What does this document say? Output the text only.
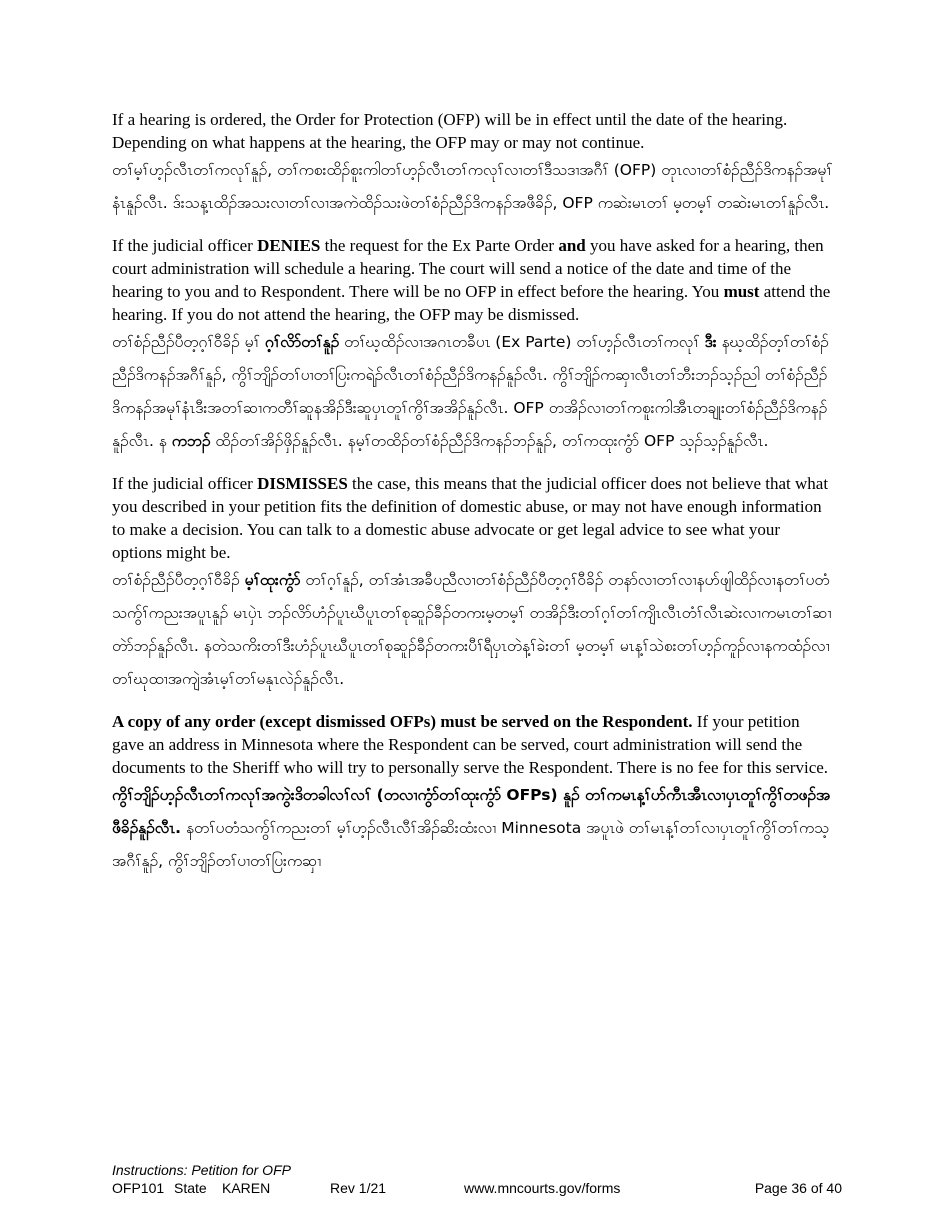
If a hearing is ordered, the Order for Protection (OFP) will be in effect until the date of the hearing. Depending on what happens at the hearing, the OFP may or may not continue.

တၢ်မ့ၢ်ဟ့ၣ်လီၤတၢ်ကလုၢ်နူၣ်, တၢ်ကစးထိၣ်စူးကါတၢ်ဟ့ၣ်လီၤတၢ်ကလုၢ်လၢတၢ်ဒီသဒၢအဂီၢ် (OFP) တုၤလၢတၢ်စံၣ်ညီၣ်ဒိကနၣ်အမုၢ်နံၤနူၣ်လီၤ. ဒ်းသန့ၤထိၣ်အသးလၢတၢ်လၢအကဲထိၣ်သးဖဲတၢ်စံၣ်ညီၣ်ဒိကနၣ်အဖီခိၣ်, OFP ကဆဲးမၤတၢ် မ့တမ့ၢ် တဆဲးမၤတၢ်နူၣ်လီၤ.

If the judicial officer DENIES the request for the Ex Parte Order and you have asked for a hearing, then court administration will schedule a hearing. The court will send a notice of the date and time of the hearing to you and to Respondent. There will be no OFP in effect before the hearing. You must attend the hearing. If you do not attend the hearing, the OFP may be dismissed.

တၢ်စံၣ်ညီၣ်ပီတ့ဂ့ၢ်ဝီခိၣ် မ့ၢ် ဂ့ၢ်လိာ်တၢ်နူၣ် တၢ်ဃ့ထိၣ်လၢအဂၤတခီပၤ (Ex Parte) တၢ်ဟ့ၣ်လီၤတၢ်ကလုၢ် ဒီး နဃ့ထိၣ်တ့ၢ်တၢ်စံၣ်ညီၣ်ဒိကနၣ်အဂီၢ်နူၣ်, ကွိၢ်ဘျိၣ်တၢ်ပၢတၢ်ပြးကရဲၣ်လီၤတၢ်စံၣ်ညီၣ်ဒိကနၣ်နူၣ်လီၤ. ကွိၢ်ဘျိၣ်ကဆှၢလီၤတၢ်ဘီးဘၣ်သ့ၣ်ညါ တၢ်စံၣ်ညီၣ်ဒိကနၣ်အမုၢ်နံၤဒီးအတၢ်ဆၢကတီၢ်ဆူနအိၣ်ဒီးဆူပှၤတူၢ်ကွိၢ်အအိၣ်နူၣ်လီၤ. OFP တအိၣ်လၢတၢ်ကစူးကါအီၤတချုးတၢ်စံၣ်ညီၣ်ဒိကနၣ်နူၣ်လီၤ. န ကဘၣ် ထိၣ်တၢ်အိၣ်ဖှိၣ်နူၣ်လီၤ. နမ့ၢ်တထိၣ်တၢ်စံၣ်ညီၣ်ဒိကနၣ်ဘၣ်နူၣ်, တၢ်ကထုးကွံာ် OFP သ့ၣ်သ့ၣ်နူၣ်လီၤ.

If the judicial officer DISMISSES the case, this means that the judicial officer does not believe that what you described in your petition fits the definition of domestic abuse, or may not have enough information to make a decision. You can talk to a domestic abuse advocate or get legal advice to see what your options might be.

တၢ်စံၣ်ညီၣ်ပီတ့ဂ့ၢ်ဝီခိၣ် မ့ၢ်ထုးကွံာ် တၢ်ဂ့ၢ်နူၣ်, တၢ်အံၤအခီပညီလၢတၢ်စံၣ်ညီၣ်ပီတ့ဂ့ၢ်ဝီခိၣ် တနာ်လၢတၢ်လၢနဟ်ဖျါထိၣ်လၢနတၢ်ပတံသကွ်ၢ်ကညးအပူၤနူၣ် မၤပှဲၤ ဘၣ်လိာ်ဟံၣ်ပူၤဃီပူၤတၢ်စုဆူၣ်ခီၣ်တကးမ့တမ့ၢ် တအိၣ်ဒီးတၢ်ဂ့ၢ်တၢ်ကျိၤလီၤတံၢ်လီၤဆဲးလၢကမၤတၢ်ဆၢတဲာ်ဘၣ်နူၣ်လီၤ. နတဲသကိးတၢ်ဒီးဟံၣ်ပူၤဃီပူၤတၢ်စုဆူၣ်ခီၣ်တကးပီၢ်ရီပှၤတဲန့ၢ်ခဲးတၢ် မ့တမ့ၢ် မၤန့ၢ်သဲစးတၢ်ဟ့ၣ်ကူၣ်လၢနကထံၣ်လၢတၢ်ဃုထၢအကျဲအံၤမ့ၢ်တၢ်မနုၤလဲၣ်နူၣ်လီၤ.

A copy of any order (except dismissed OFPs) must be served on the Respondent. If your petition gave an address in Minnesota where the Respondent can be served, court administration will send the documents to the Sheriff who will try to personally serve the Respondent. There is no fee for this service.

ကွိၢ်ဘျိၣ်ဟ့ၣ်လီၤတၢ်ကလုၢ်အကွဲးဒိတခါလၢ်လၢ် (တလၢကွံာ်တၢ်ထုးကွံာ် OFPs) နူၣ် တၢ်ကမၤန့ၢ်ဟ်ကီၤအီၤလၢပှၤတူၢ်ကွိၢ်တဖၣ်အဖီခိၣ်နူၣ်လီၤ. နတၢ်ပတံသကွ်ၢ်ကညးတၢ် မ့ၢ်ဟ့ၣ်လီၤလီၢ်အိၣ်ဆိးထံးလၢ Minnesota အပူၤဖဲ တၢ်မၤန့ၢ်တၢ်လၢပှၤတူၢ်ကွိၢ်တၢ်ကသ့အဂီၢ်နူၣ်, ကွိၢ်ဘျိၣ်တၢ်ပၢတၢ်ပြးကဆှၢ

Instructions: Petition for OFP
OFP101 State KAREN	Rev 1/21	www.mncourts.gov/forms	Page 36 of 40
